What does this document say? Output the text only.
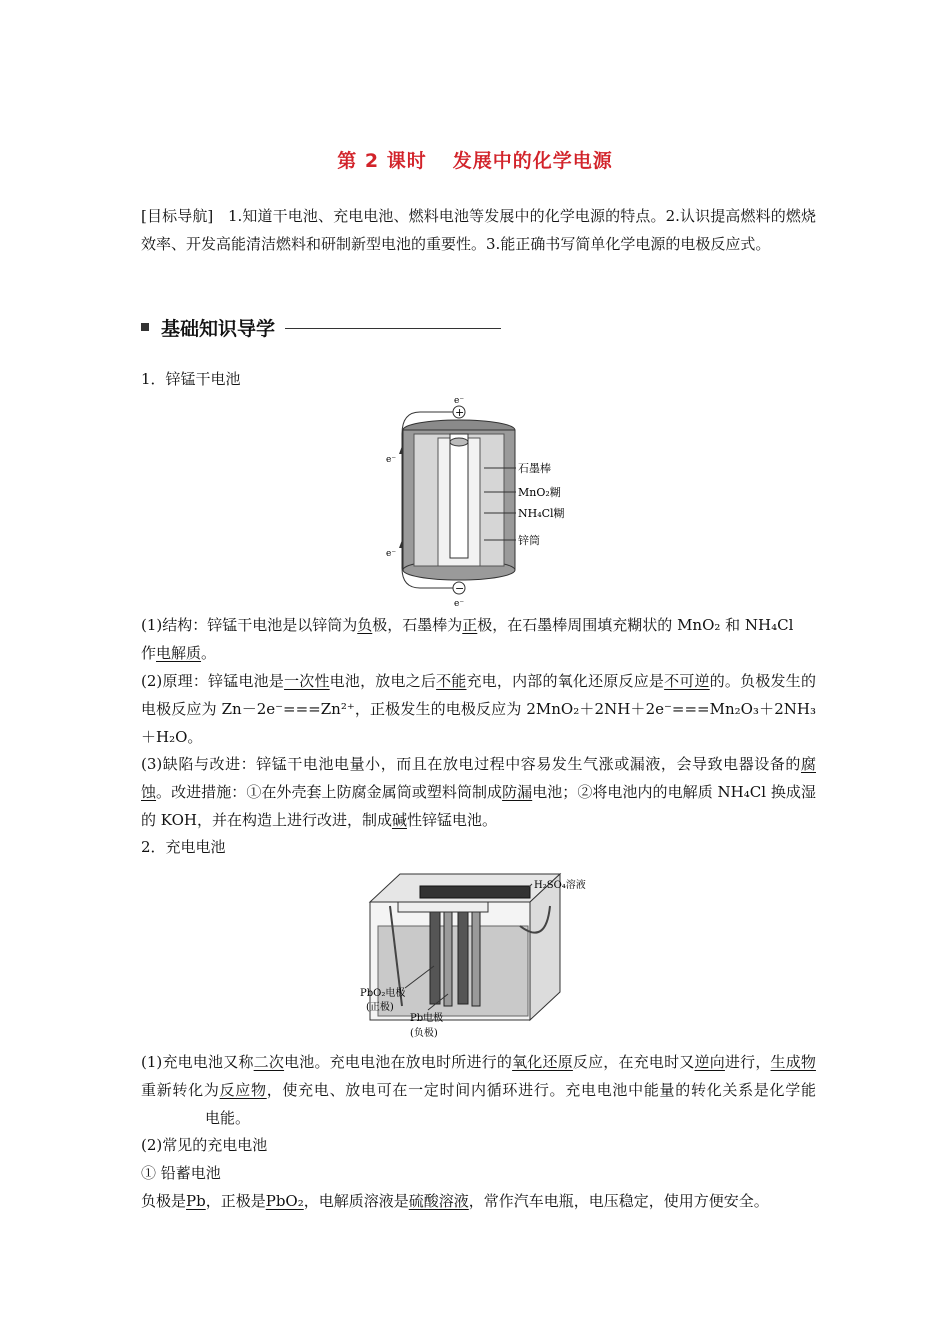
第 2 课时 发展中的化学电源

[目标导航] 1.知道干电池、充电电池、燃料电池等发展中的化学电源的特点。2.认识提高燃料的燃烧效率、开发高能清洁燃料和研制新型电池的重要性。3.能正确书写简单化学电源的电极反应式。

基础知识导学
1．锌锰干电池
e⁻
+
e⁻
e⁻
−
e⁻
石墨棒
MnO₂糊
NH₄Cl糊
锌筒

(1)结构：锌锰干电池是以锌筒为负极，石墨棒为正极，在石墨棒周围填充糊状的 MnO₂ 和 NH₄Cl
作电解质。

(2)原理：锌锰电池是一次性电池，放电之后不能充电，内部的氧化还原反应是不可逆的。负极发生的电极反应为 Zn－2e⁻===Zn²⁺，正极发生的电极反应为 2MnO₂＋2NH＋2e⁻===Mn₂O₃＋2NH₃＋H₂O。

(3)缺陷与改进：锌锰干电池电量小，而且在放电过程中容易发生气涨或漏液，会导致电器设备的腐蚀。改进措施：①在外壳套上防腐金属筒或塑料筒制成防漏电池；②将电池内的电解质 NH₄Cl 换成湿的 KOH，并在构造上进行改进，制成碱性锌锰电池。

2．充电电池
H₂SO₄溶液
PbO₂电极
(正极)
Pb电极
(负极)

(1)充电电池又称二次电池。充电电池在放电时所进行的氧化还原反应，在充电时又逆向进行，生成物重新转化为反应物，使充电、放电可在一定时间内循环进行。充电电池中能量的转化关系是化学能电能。

(2)常见的充电电池

① 铅蓄电池

负极是Pb，正极是PbO₂，电解质溶液是硫酸溶液，常作汽车电瓶，电压稳定，使用方便安全。
